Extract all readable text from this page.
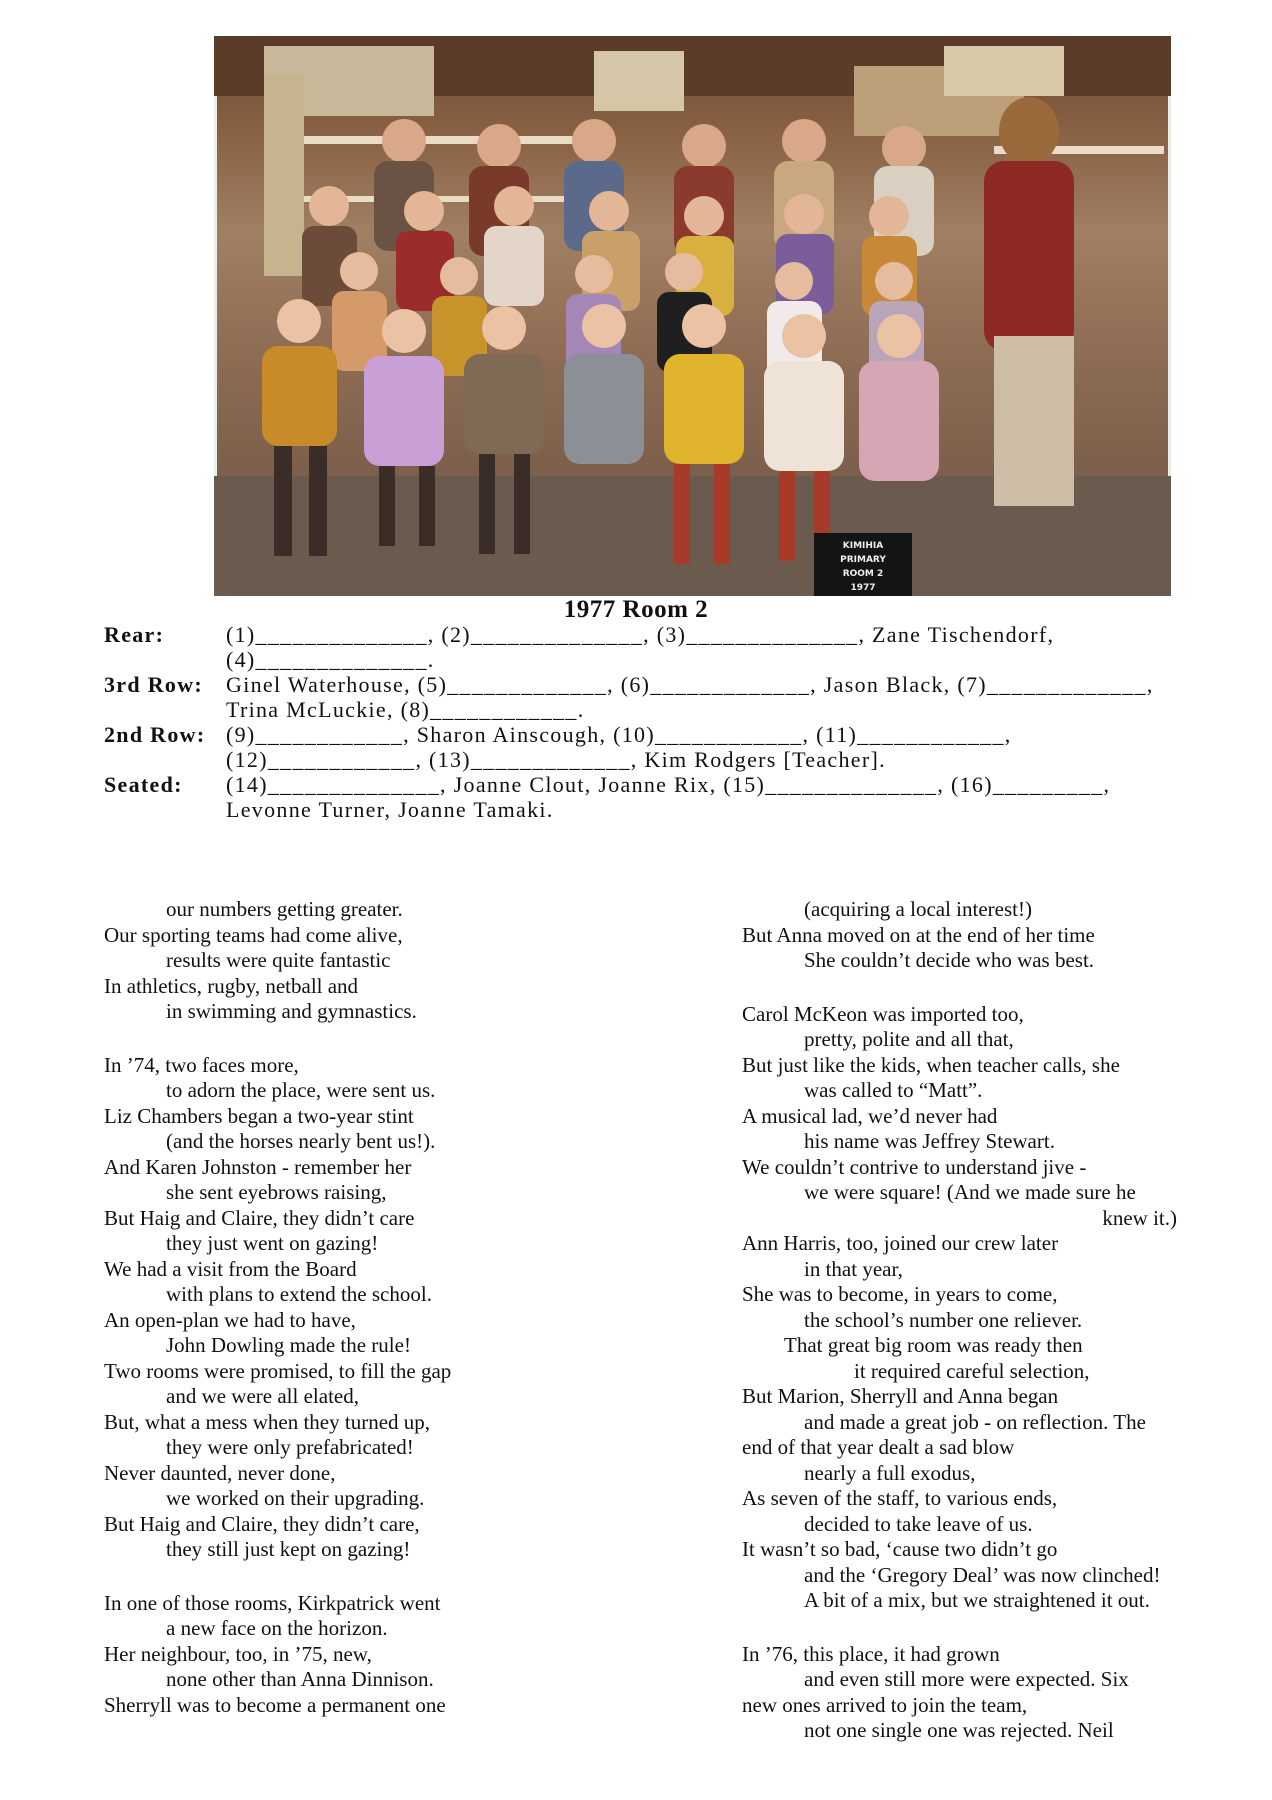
KIMIHIA
PRIMARY
ROOM 2
1977
1977 Room 2
Rear:	(1)______________, (2)______________, (3)______________, Zane Tischendorf,
(4)______________.
3rd Row: Ginel Waterhouse, (5)_____________, (6)_____________, Jason Black, (7)_____________,
Trina McLuckie, (8)____________.
2nd Row: (9)____________, Sharon Ainscough, (10)____________, (11)____________,
(12)____________, (13)_____________, Kim Rodgers [Teacher].
Seated: (14)______________, Joanne Clout, Joanne Rix, (15)______________, (16)_________,
Levonne Turner, Joanne Tamaki.
our numbers getting greater.
Our sporting teams had come alive,
results were quite fantastic
In athletics, rugby, netball and
in swimming and gymnastics.
In ’74, two faces more,
to adorn the place, were sent us.
Liz Chambers began a two-year stint
(and the horses nearly bent us!).
And Karen Johnston - remember her
she sent eyebrows raising,
But Haig and Claire, they didn’t care
they just went on gazing!
We had a visit from the Board
with plans to extend the school.
An open-plan we had to have,
John Dowling made the rule!
Two rooms were promised, to fill the gap
and we were all elated,
But, what a mess when they turned up,
they were only prefabricated!
Never daunted, never done,
we worked on their upgrading.
But Haig and Claire, they didn’t care,
they still just kept on gazing!
In one of those rooms, Kirkpatrick went
a new face on the horizon.
Her neighbour, too, in ’75, new,
none other than Anna Dinnison.
Sherryll was to become a permanent one
(acquiring a local interest!)
But Anna moved on at the end of her time
She couldn’t decide who was best.
Carol McKeon was imported too,
pretty, polite and all that,
But just like the kids, when teacher calls, she
was called to “Matt”.
A musical lad, we’d never had
his name was Jeffrey Stewart.
We couldn’t contrive to understand jive -
we were square! (And we made sure he
knew it.)
Ann Harris, too, joined our crew later
in that year,
She was to become, in years to come,
the school’s number one reliever.
That great big room was ready then
it required careful selection,
But Marion, Sherryll and Anna began
and made a great job - on reflection. The
end of that year dealt a sad blow
nearly a full exodus,
As seven of the staff, to various ends,
decided to take leave of us.
It wasn’t so bad, ‘cause two didn’t go
and the ‘Gregory Deal’ was now clinched!
A bit of a mix, but we straightened it out.
In ’76, this place, it had grown
and even still more were expected. Six
new ones arrived to join the team,
not one single one was rejected. Neil
